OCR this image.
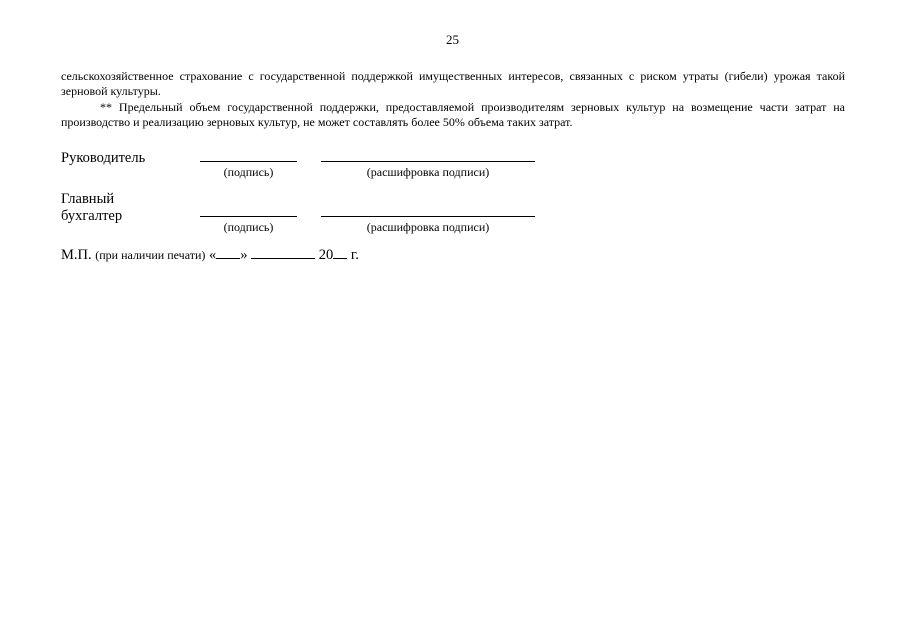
25
сельскохозяйственное страхование с государственной поддержкой имущественных интересов, связанных с риском утраты (гибели) урожая такой зерновой культуры.
** Предельный объем государственной поддержки, предоставляемой производителям зерновых культур на возмещение части затрат на производство и реализацию зерновых культур, не может составлять более 50% объема таких затрат.
Руководитель
(подпись)	(расшифровка подписи)
Главный
бухгалтер
(подпись)	(расшифровка подписи)
М.П. (при наличии печати) « »	20 г.
